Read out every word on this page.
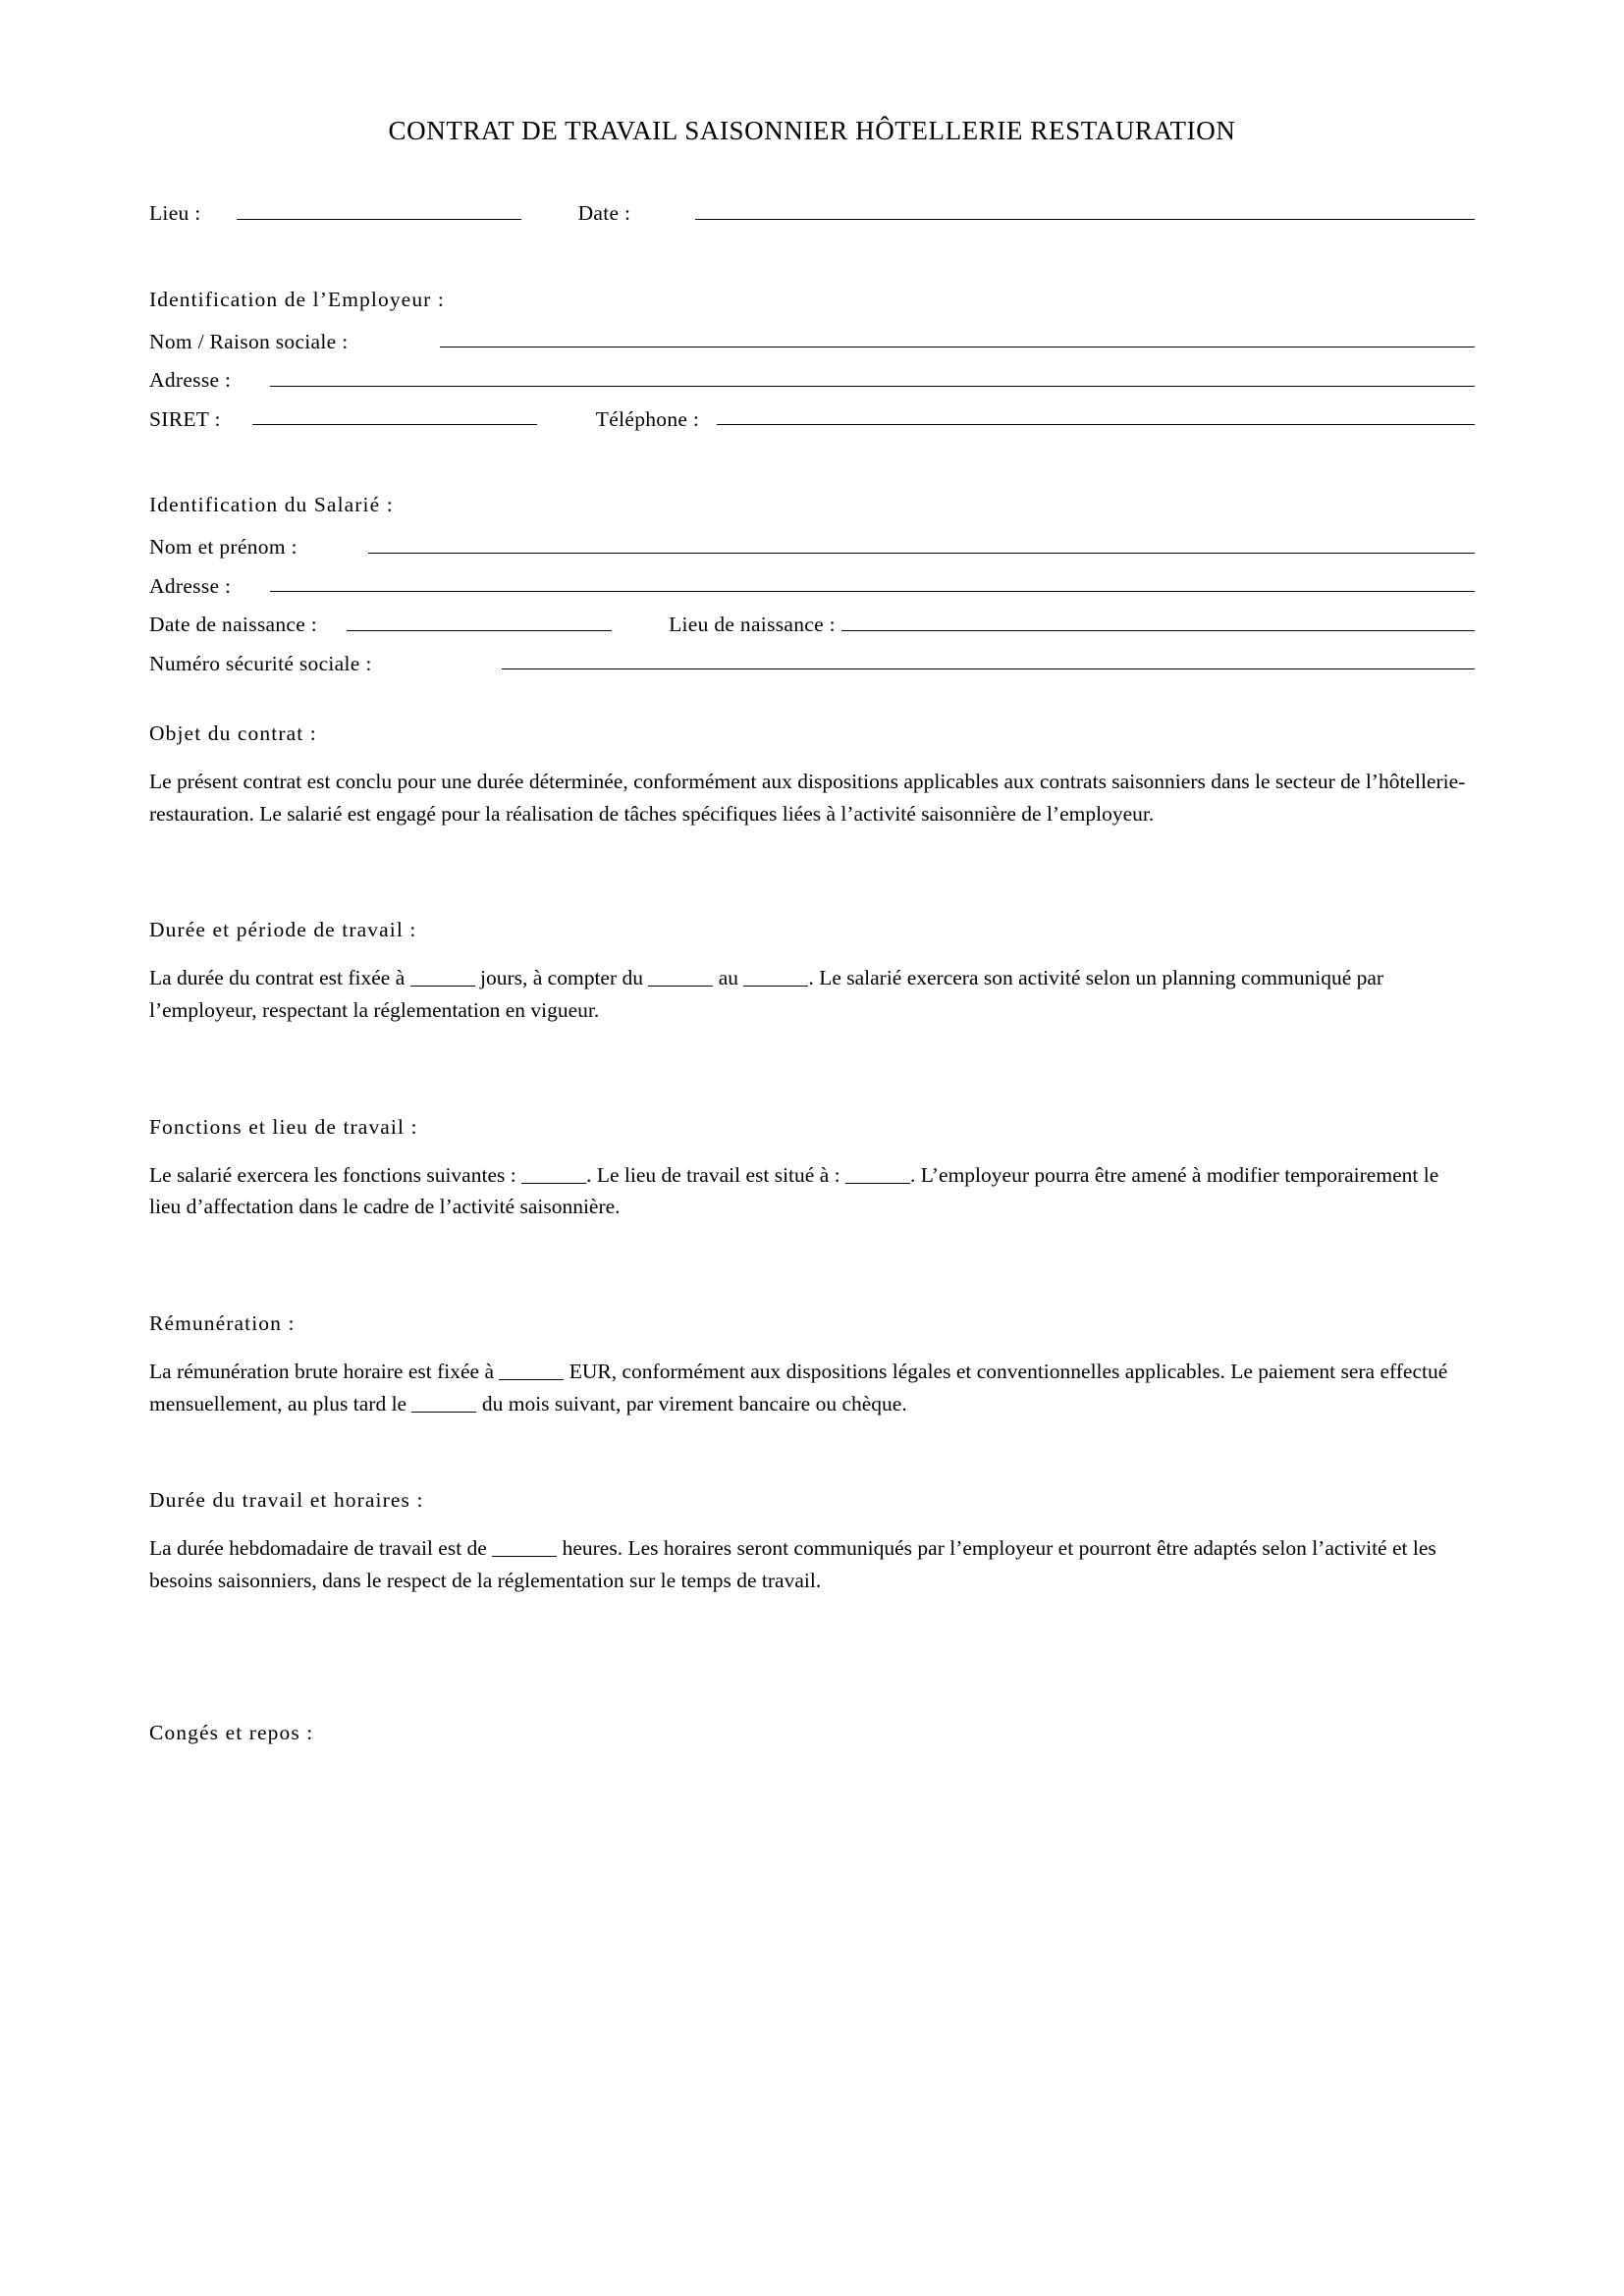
CONTRAT DE TRAVAIL SAISONNIER HÔTELLERIE RESTAURATION
Lieu :	Date :
Identification de l’Employeur :
Nom / Raison sociale :
Adresse :
SIRET :	Téléphone :
Identification du Salarié :
Nom et prénom :
Adresse :
Date de naissance :	Lieu de naissance :
Numéro sécurité sociale :
Objet du contrat :

Le présent contrat est conclu pour une durée déterminée, conformément aux dispositions applicables aux contrats saisonniers dans le secteur de l’hôtellerie-restauration. Le salarié est engagé pour la réalisation de tâches spécifiques liées à l’activité saisonnière de l’employeur.

Durée et période de travail :

La durée du contrat est fixée à	jours, à compter du	au	. Le salarié exercera son activité selon un planning communiqué par l’employeur, respectant la réglementation en vigueur.

Fonctions et lieu de travail :

Le salarié exercera les fonctions suivantes :	. Le lieu de travail est situé à :	. L’employeur pourra être amené à modifier temporairement le lieu d’affectation dans le cadre de l’activité saisonnière.

Rémunération :

La rémunération brute horaire est fixée à	EUR, conformément aux dispositions légales et conventionnelles applicables. Le paiement sera effectué mensuellement, au plus tard le	du mois suivant, par virement bancaire ou chèque.

Durée du travail et horaires :

La durée hebdomadaire de travail est de	heures. Les horaires seront communiqués par l’employeur et pourront être adaptés selon l’activité et les besoins saisonniers, dans le respect de la réglementation sur le temps de travail.

Congés et repos :
